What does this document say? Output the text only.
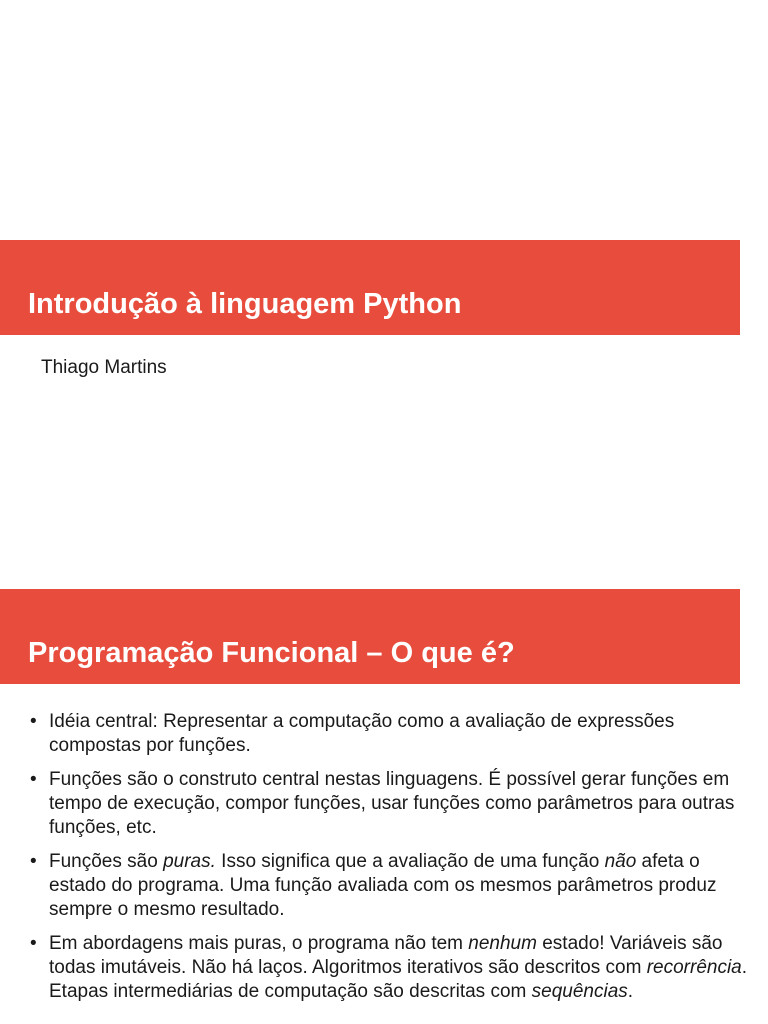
Introdução à linguagem Python
Thiago Martins
Programação Funcional – O que é?
• Idéia central: Representar a computação como a avaliação de expressões compostas por funções.
• Funções são o construto central nestas linguagens. É possível gerar funções em tempo de execução, compor funções, usar funções como parâmetros para outras funções, etc.
• Funções são puras. Isso significa que a avaliação de uma função não afeta o estado do programa. Uma função avaliada com os mesmos parâmetros produz sempre o mesmo resultado.
• Em abordagens mais puras, o programa não tem nenhum estado! Variáveis são todas imutáveis. Não há laços. Algoritmos iterativos são descritos com recorrência. Etapas intermediárias de computação são descritas com sequências.
